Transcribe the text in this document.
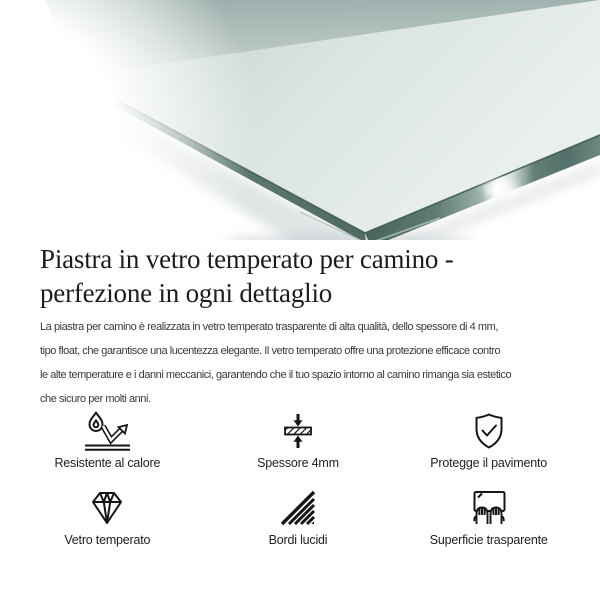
Piastra in vetro temperato per camino - perfezione in ogni dettaglio
La piastra per camino è realizzata in vetro temperato trasparente di alta qualità, dello spessore di 4 mm,
tipo float, che garantisce una lucentezza elegante. Il vetro temperato offre una protezione efficace contro
le alte temperature e i danni meccanici, garantendo che il tuo spazio intorno al camino rimanga sia estetico
che sicuro per molti anni.
Resistente al calore	Spessore 4mm	Protegge il pavimento
Vetro temperato	Bordi lucidi	Superficie trasparente
